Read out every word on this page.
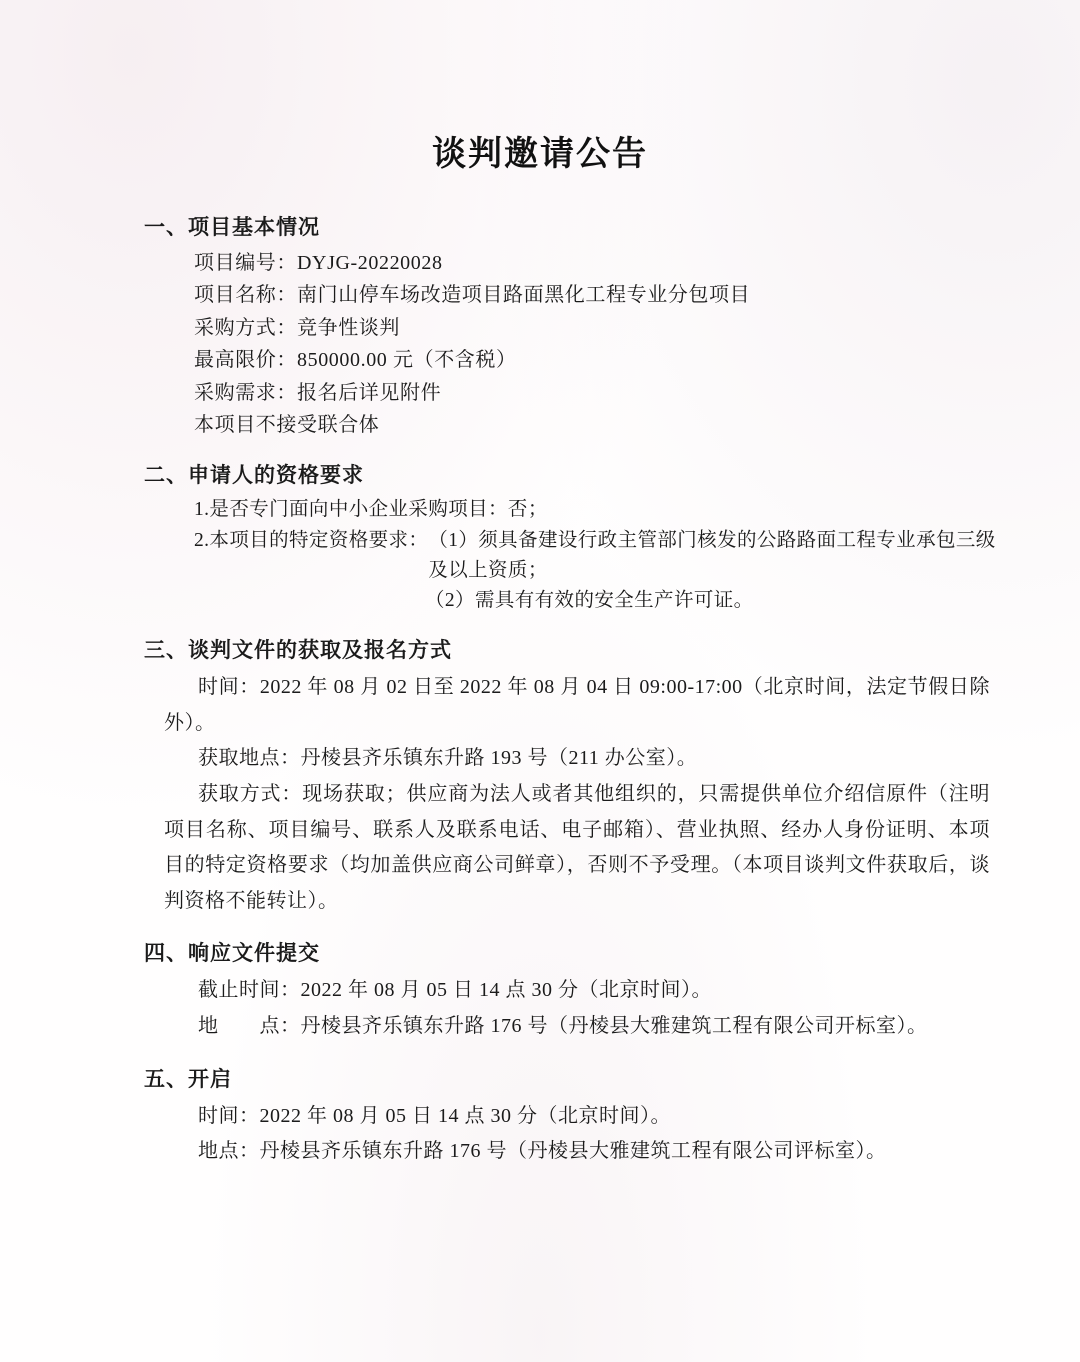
谈判邀请公告
一、项目基本情况
项目编号：DYJG-20220028
项目名称：南门山停车场改造项目路面黑化工程专业分包项目
采购方式：竞争性谈判
最高限价：850000.00 元（不含税）
采购需求：报名后详见附件
本项目不接受联合体
二、申请人的资格要求
1.是否专门面向中小企业采购项目：否；
2.本项目的特定资格要求： （1）须具备建设行政主管部门核发的公路路面工程专业承包三级及以上资质；
（2）需具有有效的安全生产许可证。
三、谈判文件的获取及报名方式
时间：2022 年 08 月 02 日至 2022 年 08 月 04 日 09:00-17:00（北京时间，法定节假日除外）。
获取地点：丹棱县齐乐镇东升路 193 号（211 办公室）。
获取方式：现场获取；供应商为法人或者其他组织的，只需提供单位介绍信原件（注明项目名称、项目编号、联系人及联系电话、电子邮箱）、营业执照、经办人身份证明、本项目的特定资格要求（均加盖供应商公司鲜章），否则不予受理。（本项目谈判文件获取后，谈判资格不能转让）。
四、响应文件提交
截止时间：2022 年 08 月 05 日 14 点 30 分（北京时间）。
地　　点：丹棱县齐乐镇东升路 176 号（丹棱县大雅建筑工程有限公司开标室）。
五、开启
时间：2022 年 08 月 05 日 14 点 30 分（北京时间）。
地点：丹棱县齐乐镇东升路 176 号（丹棱县大雅建筑工程有限公司评标室）。
